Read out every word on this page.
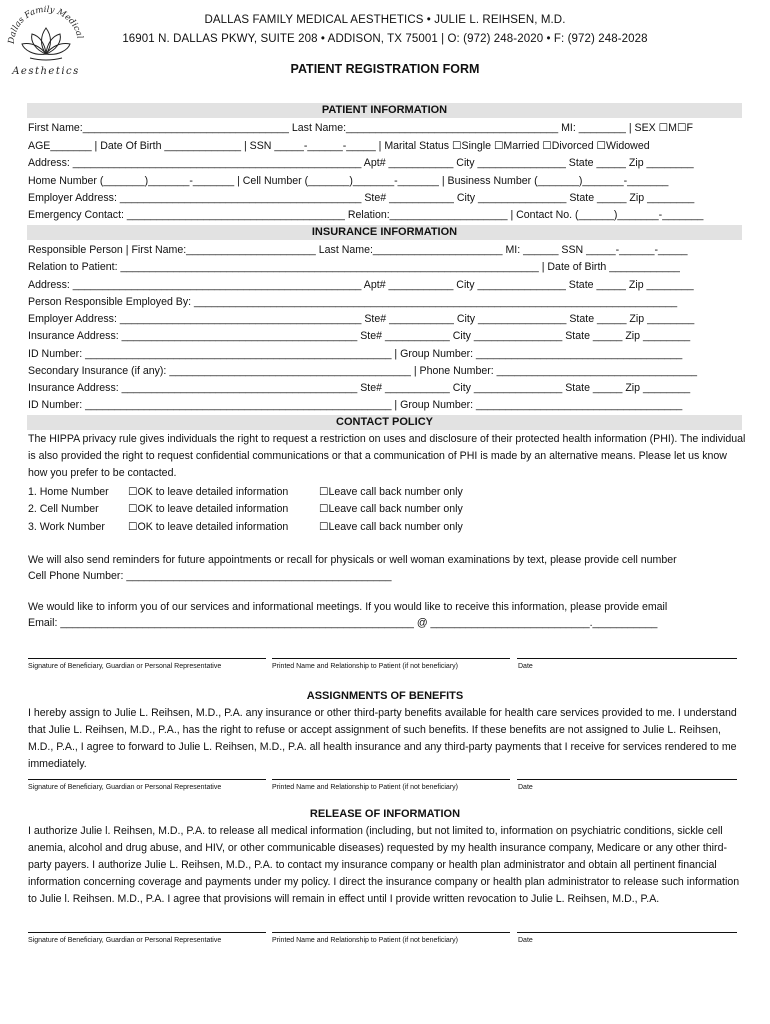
Dallas Family Medical
Aesthetics
DALLAS FAMILY MEDICAL AESTHETICS • JULIE L. REIHSEN, M.D.
16901 N. DALLAS PKWY, SUITE 208 • ADDISON, TX 75001 | O: (972) 248-2020 • F: (972) 248-2028
PATIENT REGISTRATION FORM
PATIENT INFORMATION
First Name:___________________________________ Last Name:____________________________________ MI: ________ | SEX ☐M☐F
AGE_______ | Date Of Birth _____________ | SSN _____-______-_____ | Marital Status ☐Single ☐Married ☐Divorced ☐Widowed
Address: _________________________________________________ Apt# ___________ City _______________ State _____ Zip ________
Home Number (_______)_______-_______ | Cell Number (_______)_______-_______ | Business Number (_______)_______-_______
Employer Address: _________________________________________ Ste# ___________ City _______________ State _____ Zip ________
Emergency Contact: _____________________________________ Relation:____________________ | Contact No. (______)_______-_______
INSURANCE INFORMATION
Responsible Person | First Name:______________________ Last Name:______________________ MI: ______ SSN _____-______-_____
Relation to Patient: _______________________________________________________________________ | Date of Birth ____________
Address: _________________________________________________ Apt# ___________ City _______________ State _____ Zip ________
Person Responsible Employed By: __________________________________________________________________________________
Employer Address: _________________________________________ Ste# ___________ City _______________ State _____ Zip ________
Insurance Address: ________________________________________ Ste# ___________ City _______________ State _____ Zip ________
ID Number: ____________________________________________________ | Group Number: ___________________________________
Secondary Insurance (if any): _________________________________________ | Phone Number: __________________________________
Insurance Address: ________________________________________ Ste# ___________ City _______________ State _____ Zip ________
ID Number: ____________________________________________________ | Group Number: ___________________________________
CONTACT POLICY
The HIPPA privacy rule gives individuals the right to request a restriction on uses and disclosure of their protected health information (PHI). The individual is also provided the right to request confidential communications or that a communication of PHI is made by an alternative means. Please let us know how you prefer to be contacted.
1. Home Number ☐OK to leave detailed information	☐Leave call back number only
2. Cell Number	☐OK to leave detailed information	☐Leave call back number only
3. Work Number ☐OK to leave detailed information	☐Leave call back number only
We will also send reminders for future appointments or recall for physicals or well woman examinations by text, please provide cell number
Cell Phone Number: _____________________________________________
We would like to inform you of our services and informational meetings. If you would like to receive this information, please provide email
Email: ____________________________________________________________ @ ___________________________.___________
Signature of Beneficiary, Guardian or Personal Representative	Printed Name and Relationship to Patient (if not beneficiary)	Date
ASSIGNMENTS OF BENEFITS
I hereby assign to Julie L. Reihsen, M.D., P.A. any insurance or other third-party benefits available for health care services provided to me. I understand that Julie L. Reihsen, M.D., P.A., has the right to refuse or accept assignment of such benefits. If these benefits are not assigned to Julie L. Reihsen, M.D., P.A., I agree to forward to Julie L. Reihsen, M.D., P.A. all health insurance and any third-party payments that I receive for services rendered to me immediately.
Signature of Beneficiary, Guardian or Personal Representative	Printed Name and Relationship to Patient (if not beneficiary)	Date
RELEASE OF INFORMATION
I authorize Julie l. Reihsen, M.D., P.A. to release all medical information (including, but not limited to, information on psychiatric conditions, sickle cell anemia, alcohol and drug abuse, and HIV, or other communicable diseases) requested by my health insurance company, Medicare or any other third-party payers. I authorize Julie L. Reihsen, M.D., P.A. to contact my insurance company or health plan administrator and obtain all pertinent financial information concerning coverage and payments under my policy. I direct the insurance company or health plan administrator to release such information to Julie l. Reihsen. M.D., P.A. I agree that provisions will remain in effect until I provide written revocation to Julie L. Reihsen, M.D., P.A.
Signature of Beneficiary, Guardian or Personal Representative	Printed Name and Relationship to Patient (if not beneficiary)	Date
